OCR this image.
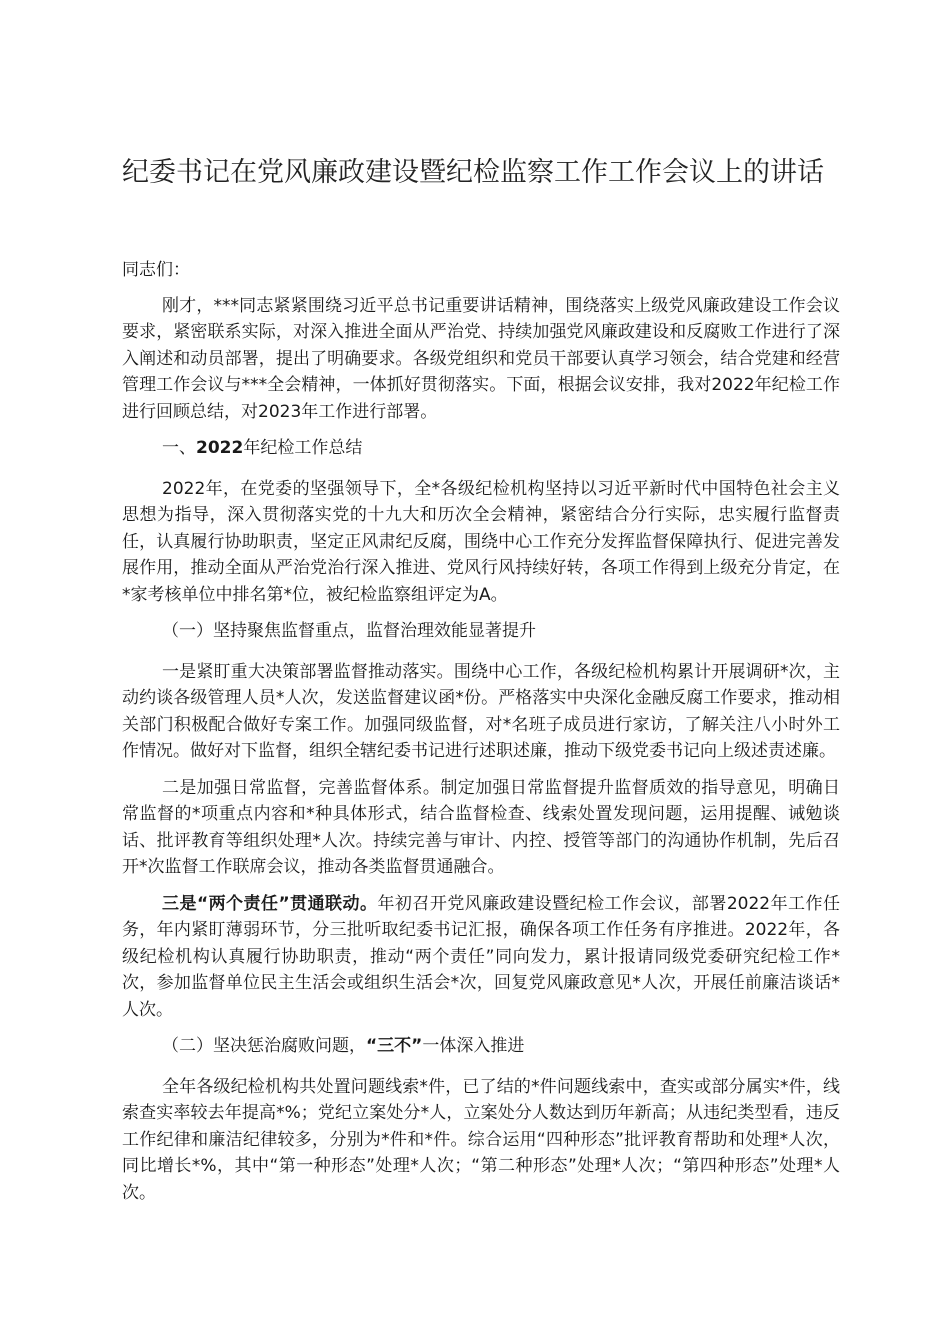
纪委书记在党风廉政建设暨纪检监察工作工作会议上的讲话

同志们：

刚才，***同志紧紧围绕习近平总书记重要讲话精神，围绕落实上级党风廉政建设工作会议要求，紧密联系实际，对深入推进全面从严治党、持续加强党风廉政建设和反腐败工作进行了深入阐述和动员部署，提出了明确要求。各级党组织和党员干部要认真学习领会，结合党建和经营管理工作会议与***全会精神，一体抓好贯彻落实。下面，根据会议安排，我对2022年纪检工作进行回顾总结，对2023年工作进行部署。

一、2022年纪检工作总结

2022年，在党委的坚强领导下，全*各级纪检机构坚持以习近平新时代中国特色社会主义思想为指导，深入贯彻落实党的十九大和历次全会精神，紧密结合分行实际，忠实履行监督责任，认真履行协助职责，坚定正风肃纪反腐，围绕中心工作充分发挥监督保障执行、促进完善发展作用，推动全面从严治党治行深入推进、党风行风持续好转，各项工作得到上级充分肯定，在*家考核单位中排名第*位，被纪检监察组评定为A。

（一）坚持聚焦监督重点，监督治理效能显著提升

一是紧盯重大决策部署监督推动落实。围绕中心工作，各级纪检机构累计开展调研*次，主动约谈各级管理人员*人次，发送监督建议函*份。严格落实中央深化金融反腐工作要求，推动相关部门积极配合做好专案工作。加强同级监督，对*名班子成员进行家访，了解关注八小时外工作情况。做好对下监督，组织全辖纪委书记进行述职述廉，推动下级党委书记向上级述责述廉。

二是加强日常监督，完善监督体系。制定加强日常监督提升监督质效的指导意见，明确日常监督的*项重点内容和*种具体形式，结合监督检查、线索处置发现问题，运用提醒、诫勉谈话、批评教育等组织处理*人次。持续完善与审计、内控、授管等部门的沟通协作机制，先后召开*次监督工作联席会议，推动各类监督贯通融合。

三是“两个责任”贯通联动。年初召开党风廉政建设暨纪检工作会议，部署2022年工作任务，年内紧盯薄弱环节，分三批听取纪委书记汇报，确保各项工作任务有序推进。2022年，各级纪检机构认真履行协助职责，推动“两个责任”同向发力，累计报请同级党委研究纪检工作*次，参加监督单位民主生活会或组织生活会*次，回复党风廉政意见*人次，开展任前廉洁谈话*人次。

（二）坚决惩治腐败问题，“三不”一体深入推进

全年各级纪检机构共处置问题线索*件，已了结的*件问题线索中，查实或部分属实*件，线索查实率较去年提高*%；党纪立案处分*人，立案处分人数达到历年新高；从违纪类型看，违反工作纪律和廉洁纪律较多，分别为*件和*件。综合运用“四种形态”批评教育帮助和处理*人次，同比增长*%，其中“第一种形态”处理*人次；“第二种形态”处理*人次；“第四种形态”处理*人次。
